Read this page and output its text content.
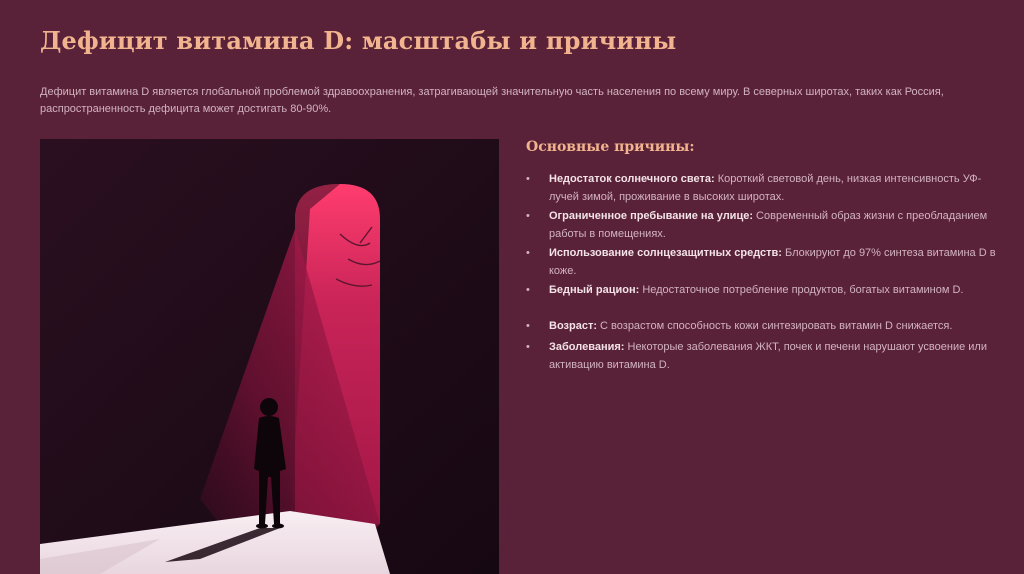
Дефицит витамина D: масштабы и причины

Дефицит витамина D является глобальной проблемой здравоохранения, затрагивающей значительную часть населения по всему миру. В северных широтах, таких как Россия, распространенность дефицита может достигать 80-90%.

Основные причины:
• Недостаток солнечного света: Короткий световой день, низкая интенсивность УФ-лучей зимой, проживание в высоких широтах.
• Ограниченное пребывание на улице: Современный образ жизни с преобладанием работы в помещениях.
• Использование солнцезащитных средств: Блокируют до 97% синтеза витамина D в коже.
• Бедный рацион: Недостаточное потребление продуктов, богатых витамином D.
• Возраст: С возрастом способность кожи синтезировать витамин D снижается.
• Заболевания: Некоторые заболевания ЖКТ, почек и печени нарушают усвоение или активацию витамина D.
